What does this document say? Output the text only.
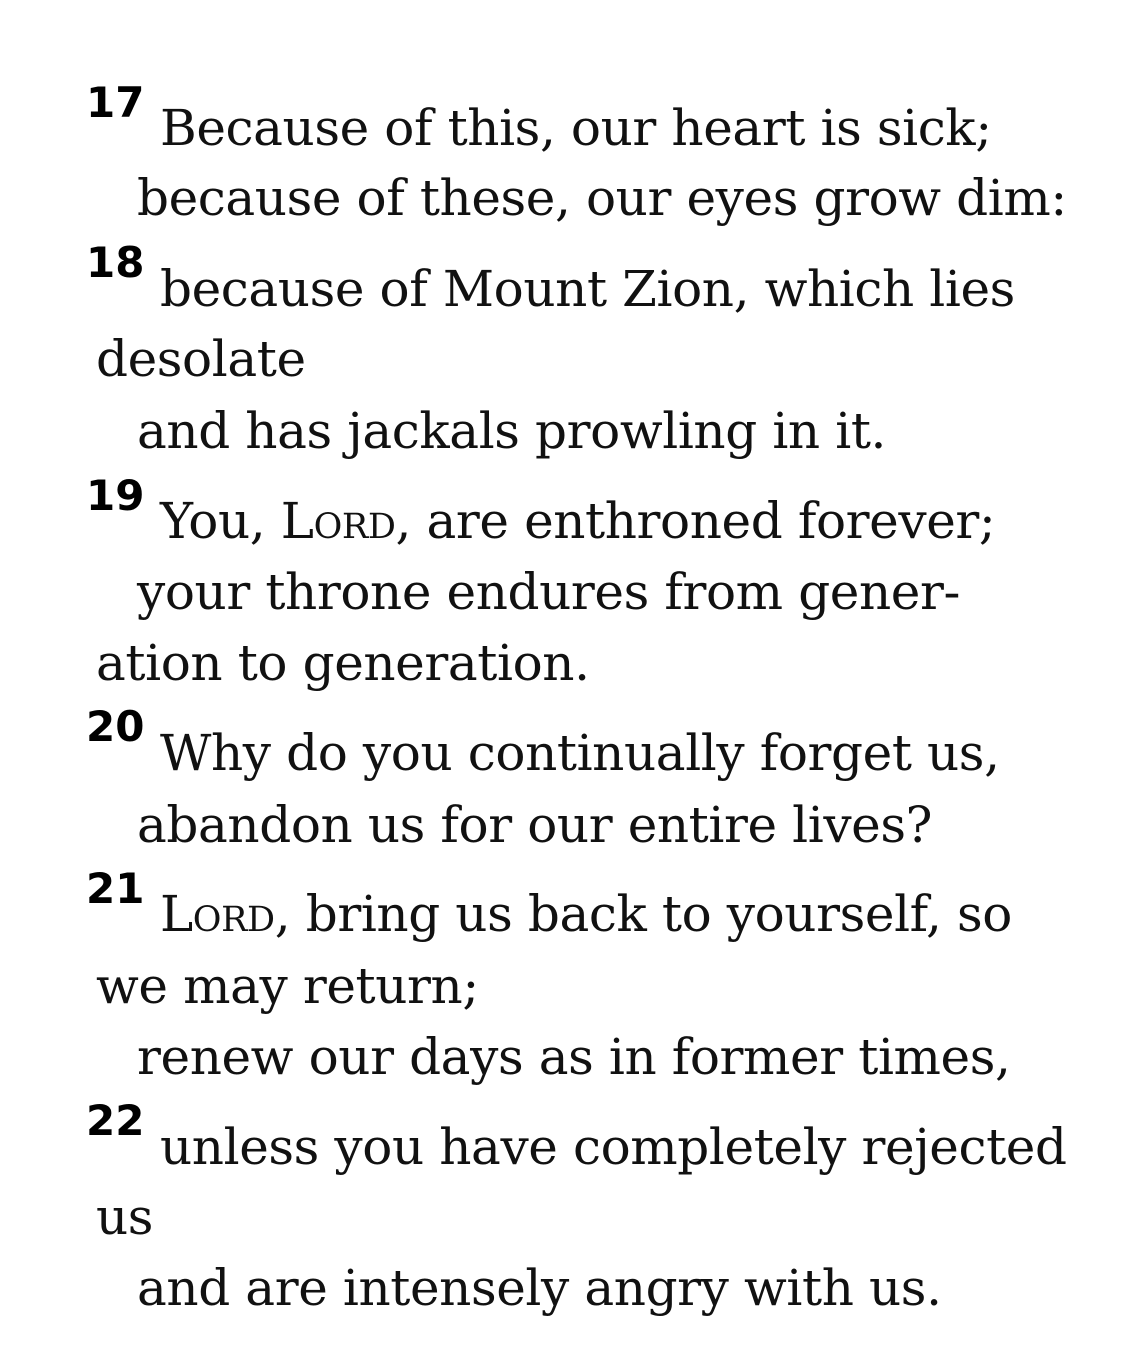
17 Because of this, our heart is sick;
because of these, our eyes grow dim:
18 because of Mount Zion, which lies
desolate
and has jackals prowling in it.
19 You, Lord, are enthroned forever;
your throne endures from gener-
ation to generation.
20 Why do you continually forget us,
abandon us for our entire lives?
21 Lord, bring us back to yourself, so
we may return;
renew our days as in former times,
22 unless you have completely rejected
us
and are intensely angry with us.
